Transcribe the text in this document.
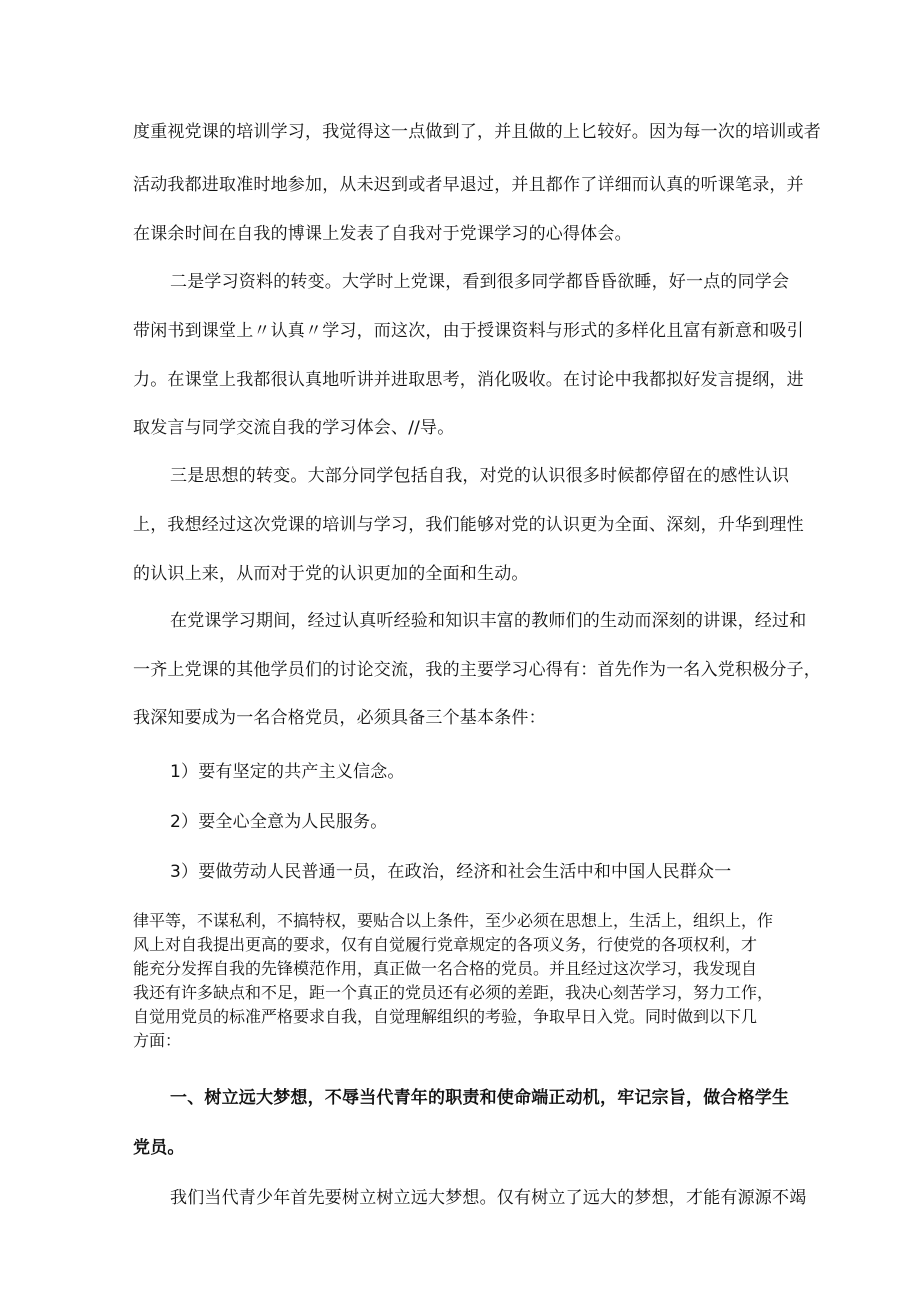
度重视党课的培训学习，我觉得这一点做到了，并且做的上匕较好。因为每一次的培训或者
活动我都进取准时地参加，从未迟到或者早退过，并且都作了详细而认真的听课笔录，并
在课余时间在自我的博课上发表了自我对于党课学习的心得体会。
二是学习资料的转变。大学时上党课，看到很多同学都昏昏欲睡，好一点的同学会
带闲书到课堂上〃认真〃学习，而这次，由于授课资料与形式的多样化且富有新意和吸引
力。在课堂上我都很认真地听讲并进取思考，消化吸收。在讨论中我都拟好发言提纲，进
取发言与同学交流自我的学习体会、//导。
三是思想的转变。大部分同学包括自我，对党的认识很多时候都停留在的感性认识
上，我想经过这次党课的培训与学习，我们能够对党的认识更为全面、深刻，升华到理性
的认识上来，从而对于党的认识更加的全面和生动。
在党课学习期间，经过认真听经验和知识丰富的教师们的生动而深刻的讲课，经过和
一齐上党课的其他学员们的讨论交流，我的主要学习心得有：首先作为一名入党积极分子，
我深知要成为一名合格党员，必须具备三个基本条件：
1）要有坚定的共产主义信念。
2）要全心全意为人民服务。
3）要做劳动人民普通一员，在政治，经济和社会生活中和中国人民群众一
律平等，不谋私利，不搞特权，要贴合以上条件，至少必须在思想上，生活上，组织上，作
风上对自我提出更高的要求，仅有自觉履行党章规定的各项义务，行使党的各项权利，才
能充分发挥自我的先锋模范作用，真正做一名合格的党员。并且经过这次学习，我发现自
我还有许多缺点和不足，距一个真正的党员还有必须的差距，我决心刻苦学习，努力工作，
自觉用党员的标准严格要求自我，自觉理解组织的考验，争取早日入党。同时做到以下几
方面：
一、树立远大梦想，不辱当代青年的职责和使命端正动机，牢记宗旨，做合格学生
党员。
我们当代青少年首先要树立树立远大梦想。仅有树立了远大的梦想，才能有源源不竭
